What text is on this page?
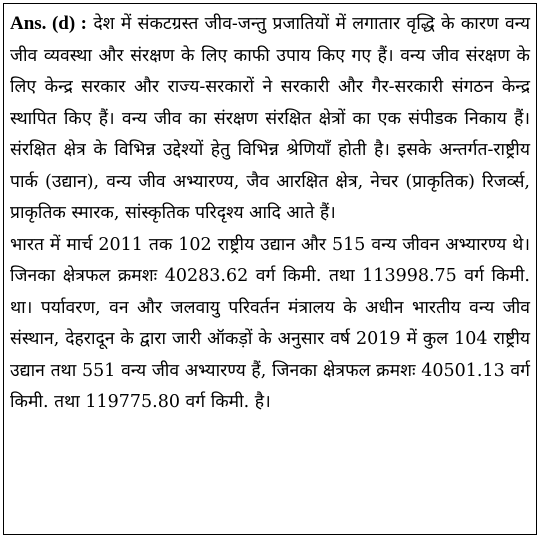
Ans. (d) : देश में संकटग्रस्त जीव-जन्तु प्रजातियों में लगातार वृद्धि के कारण वन्य जीव व्यवस्था और संरक्षण के लिए काफी उपाय किए गए हैं। वन्य जीव संरक्षण के लिए केन्द्र सरकार और राज्य-सरकारों ने सरकारी और गैर-सरकारी संगठन केन्द्र स्थापित किए हैं। वन्य जीव का संरक्षण संरक्षित क्षेत्रों का एक संपीडक निकाय हैं। संरक्षित क्षेत्र के विभिन्न उद्देश्यों हेतु विभिन्न श्रेणियाँ होती है। इसके अन्तर्गत-राष्ट्रीय पार्क (उद्यान), वन्य जीव अभ्यारण्य, जैव आरक्षित क्षेत्र, नेचर (प्राकृतिक) रिजर्व्स, प्राकृतिक स्मारक, सांस्कृतिक परिदृश्य आदि आते हैं।

भारत में मार्च 2011 तक 102 राष्ट्रीय उद्यान और 515 वन्य जीवन अभ्यारण्य थे। जिनका क्षेत्रफल क्रमशः 40283.62 वर्ग किमी. तथा 113998.75 वर्ग किमी. था। पर्यावरण, वन और जलवायु परिवर्तन मंत्रालय के अधीन भारतीय वन्य जीव संस्थान, देहरादून के द्वारा जारी ऑकड़ों के अनुसार वर्ष 2019 में कुल 104 राष्ट्रीय उद्यान तथा 551 वन्य जीव अभ्यारण्य हैं, जिनका क्षेत्रफल क्रमशः 40501.13 वर्ग किमी. तथा 119775.80 वर्ग किमी. है।
